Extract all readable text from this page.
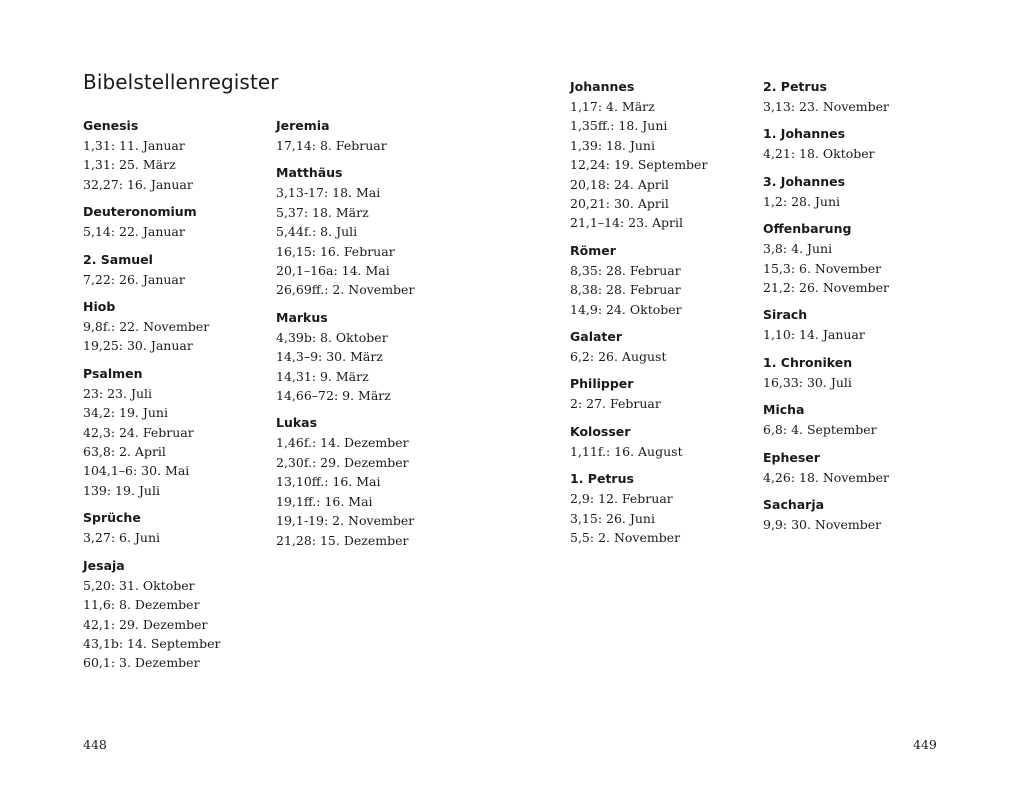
Bibelstellenregister
Genesis
1,31: 11. Januar
1,31: 25. März
32,27: 16. Januar
Deuteronomium
5,14: 22. Januar
2. Samuel
7,22: 26. Januar
Hiob
9,8f.: 22. November
19,25: 30. Januar
Psalmen
23: 23. Juli
34,2: 19. Juni
42,3: 24. Februar
63,8: 2. April
104,1–6: 30. Mai
139: 19. Juli
Sprüche
3,27: 6. Juni
Jesaja
5,20: 31. Oktober
11,6: 8. Dezember
42,1: 29. Dezember
43,1b: 14. September
60,1: 3. Dezember
Jeremia
17,14: 8. Februar
Matthäus
3,13-17: 18. Mai
5,37: 18. März
5,44f.: 8. Juli
16,15: 16. Februar
20,1–16a: 14. Mai
26,69ff.: 2. November
Markus
4,39b: 8. Oktober
14,3–9: 30. März
14,31: 9. März
14,66–72: 9. März
Lukas
1,46f.: 14. Dezember
2,30f.: 29. Dezember
13,10ff.: 16. Mai
19,1ff.: 16. Mai
19,1-19: 2. November
21,28: 15. Dezember
Johannes
1,17: 4. März
1,35ff.: 18. Juni
1,39: 18. Juni
12,24: 19. September
20,18: 24. April
20,21: 30. April
21,1–14: 23. April
Römer
8,35: 28. Februar
8,38: 28. Februar
14,9: 24. Oktober
Galater
6,2: 26. August
Philipper
2: 27. Februar
Kolosser
1,11f.: 16. August
1. Petrus
2,9: 12. Februar
3,15: 26. Juni
5,5: 2. November
2. Petrus
3,13: 23. November
1. Johannes
4,21: 18. Oktober
3. Johannes
1,2: 28. Juni
Offenbarung
3,8: 4. Juni
15,3: 6. November
21,2: 26. November
Sirach
1,10: 14. Januar
1. Chroniken
16,33: 30. Juli
Micha
6,8: 4. September
Epheser
4,26: 18. November
Sacharja
9,9: 30. November
448	449
